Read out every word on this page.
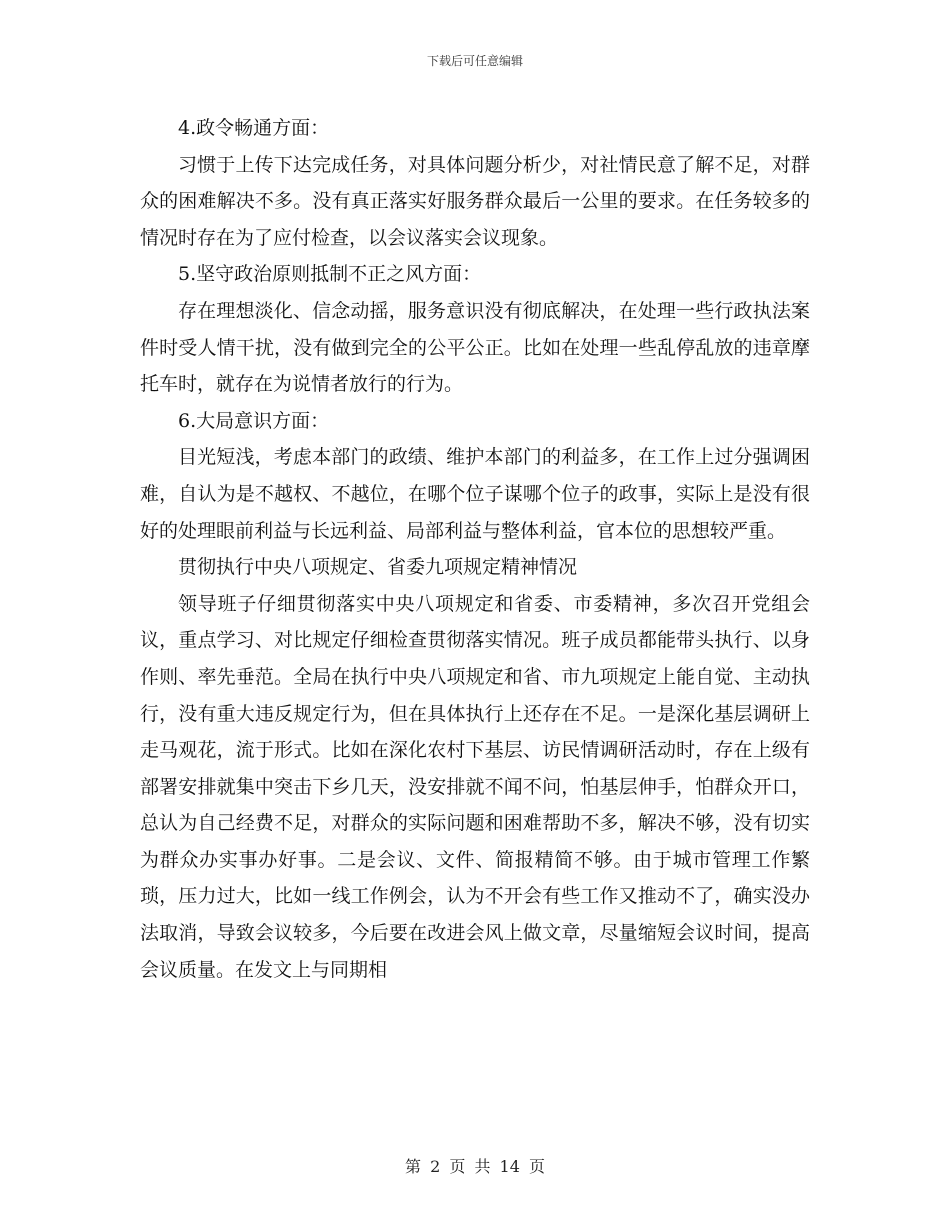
下载后可任意编辑

4.政令畅通方面：

习惯于上传下达完成任务，对具体问题分析少，对社情民意了解不足，对群众的困难解决不多。没有真正落实好服务群众最后一公里的要求。在任务较多的情况时存在为了应付检查，以会议落实会议现象。

5.坚守政治原则抵制不正之风方面：

存在理想淡化、信念动摇，服务意识没有彻底解决，在处理一些行政执法案件时受人情干扰，没有做到完全的公平公正。比如在处理一些乱停乱放的违章摩托车时，就存在为说情者放行的行为。

6.大局意识方面：

目光短浅，考虑本部门的政绩、维护本部门的利益多，在工作上过分强调困难，自认为是不越权、不越位，在哪个位子谋哪个位子的政事，实际上是没有很好的处理眼前利益与长远利益、局部利益与整体利益，官本位的思想较严重。

贯彻执行中央八项规定、省委九项规定精神情况

领导班子仔细贯彻落实中央八项规定和省委、市委精神，多次召开党组会议，重点学习、对比规定仔细检查贯彻落实情况。班子成员都能带头执行、以身作则、率先垂范。全局在执行中央八项规定和省、市九项规定上能自觉、主动执行，没有重大违反规定行为，但在具体执行上还存在不足。一是深化基层调研上走马观花，流于形式。比如在深化农村下基层、访民情调研活动时，存在上级有部署安排就集中突击下乡几天，没安排就不闻不问，怕基层伸手，怕群众开口，总认为自己经费不足，对群众的实际问题和困难帮助不多，解决不够，没有切实为群众办实事办好事。二是会议、文件、简报精简不够。由于城市管理工作繁琐，压力过大，比如一线工作例会，认为不开会有些工作又推动不了，确实没办法取消，导致会议较多，今后要在改进会风上做文章，尽量缩短会议时间，提高会议质量。在发文上与同期相

第 2 页 共 14 页
